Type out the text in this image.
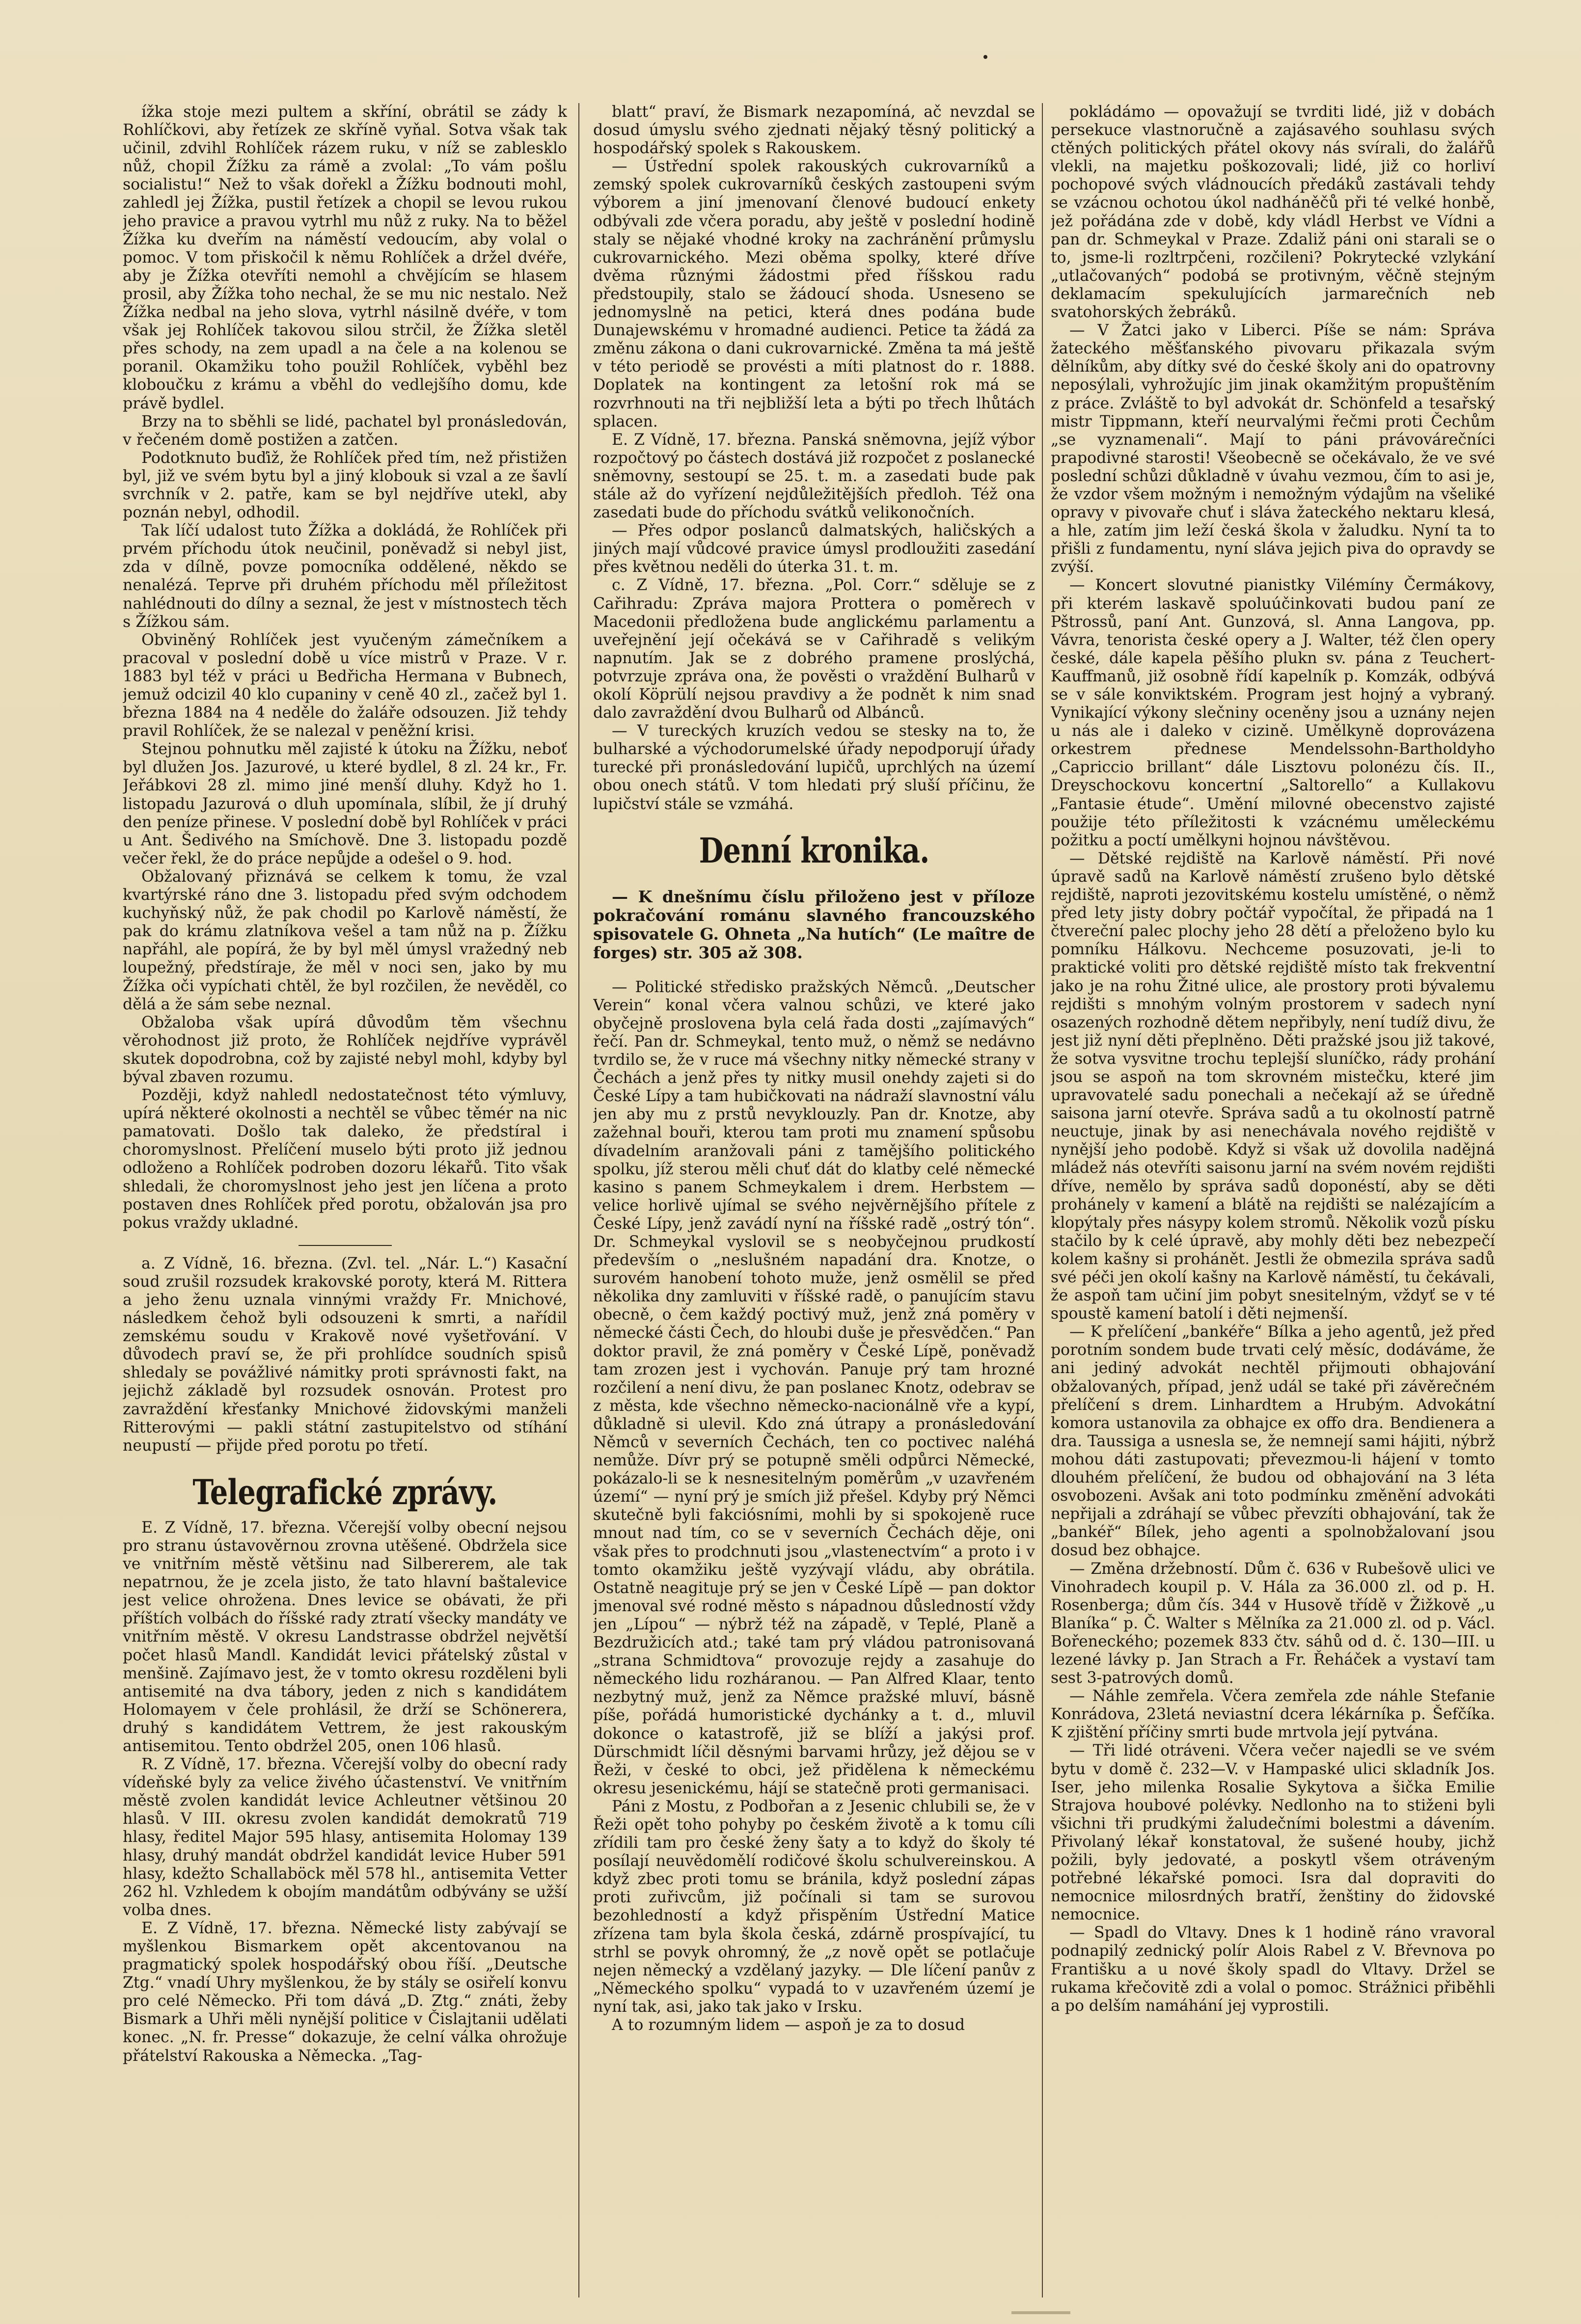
ížka stoje mezi pultem a skříní, obrátil se zády k Rohlíčkovi, aby řetízek ze skříně vyňal. Sotva však tak učinil, zdvihl Rohlíček rázem ruku, v níž se zablesklo nůž, chopil Žížku za rámě a zvolal: „To vám pošlu socialistu!“ Než to však dořekl a Žížku bodnouti mohl, zahledl jej Žížka, pustil řetízek a chopil se levou rukou jeho pravice a pravou vytrhl mu nůž z ruky. Na to běžel Žížka ku dveřím na náměstí vedoucím, aby volal o pomoc. V tom přiskočil k němu Rohlíček a držel dvéře, aby je Žížka otevříti nemohl a chvějícím se hlasem prosil, aby Žížka toho nechal, že se mu nic nestalo. Než Žížka nedbal na jeho slova, vytrhl násilně dvéře, v tom však jej Rohlíček takovou silou strčil, že Žížka sletěl přes schody, na zem upadl a na čele a na kolenou se poranil. Okamžiku toho použil Rohlíček, vyběhl bez kloboučku z krámu a vběhl do vedlejšího domu, kde právě bydlel.

Brzy na to sběhli se lidé, pachatel byl pronásledován, v řečeném domě postižen a zatčen.

Podotknuto buďiž, že Rohlíček před tím, než přistižen byl, již ve svém bytu byl a jiný klobouk si vzal a ze šavlí svrchník v 2. patře, kam se byl nejdříve utekl, aby poznán nebyl, odhodil.

Tak líčí udalost tuto Žížka a dokládá, že Rohlíček při prvém příchodu útok neučinil, poněvadž si nebyl jist, zda v dílně, povze pomocníka oddělené, někdo se nenalézá. Teprve při druhém příchodu měl příležitost nahlédnouti do dílny a seznal, že jest v místnostech těch s Žížkou sám.

Obviněný Rohlíček jest vyučeným zámečníkem a pracoval v poslední době u více mistrů v Praze. V r. 1883 byl též v práci u Bedřicha Hermana v Bubnech, jemuž odcizil 40 klo cupaniny v ceně 40 zl., začež byl 1. března 1884 na 4 neděle do žaláře odsouzen. Již tehdy pravil Rohlíček, že se nalezal v peněžní krisi.

Stejnou pohnutku měl zajisté k útoku na Žížku, neboť byl dlužen Jos. Jazurové, u které bydlel, 8 zl. 24 kr., Fr. Jeřábkovi 28 zl. mimo jiné menší dluhy. Když ho 1. listopadu Jazurová o dluh upomínala, slíbil, že jí druhý den peníze přinese. V poslední době byl Rohlíček v práci u Ant. Šedivého na Smíchově. Dne 3. listopadu pozdě večer řekl, že do práce nepůjde a odešel o 9. hod.

Obžalovaný přiznává se celkem k tomu, že vzal kvartýrské ráno dne 3. listopadu před svým odchodem kuchyňský nůž, že pak chodil po Karlově náměstí, že pak do krámu zlatníkova vešel a tam nůž na p. Žížku napřáhl, ale popírá, že by byl měl úmysl vražedný neb loupežný, předstíraje, že měl v noci sen, jako by mu Žížka oči vypíchati chtěl, že byl rozčilen, že nevěděl, co dělá a že sám sebe neznal.

Obžaloba však upírá důvodům těm všechnu věrohodnost již proto, že Rohlíček nejdříve vyprávěl skutek dopodrobna, což by zajisté nebyl mohl, kdyby byl býval zbaven rozumu.

Později, když nahledl nedostatečnost této výmluvy, upírá některé okolnosti a nechtěl se vůbec těmér na nic pamatovati. Došlo tak daleko, že předstíral i choromyslnost. Přelíčení muselo býti proto již jednou odloženo a Rohlíček podroben dozoru lékařů. Tito však shledali, že choromyslnost jeho jest jen líčena a proto postaven dnes Rohlíček před porotu, obžalován jsa pro pokus vraždy ukladné.

a. Z Vídně, 16. března. (Zvl. tel. „Nár. L.“) Kasační soud zrušil rozsudek krakovské poroty, která M. Rittera a jeho ženu uznala vinnými vraždy Fr. Mnichové, následkem čehož byli odsouzeni k smrti, a nařídil zemskému soudu v Krakově nové vyšetřování. V důvodech praví se, že při prohlídce soudních spisů shledaly se povážlivé námitky proti správnosti fakt, na jejichž základě byl rozsudek osnován. Protest pro zavraždění křesťanky Mnichové židovskými manželi Ritterovými — pakli státní zastupitelstvo od stíhání neupustí — přijde před porotu po třetí.

Telegrafické zprávy.

E. Z Vídně, 17. března. Včerejší volby obecní nejsou pro stranu ústavověrnou zrovna utěšené. Obdržela sice ve vnitřním městě většinu nad Silbererem, ale tak nepatrnou, že je zcela jisto, že tato hlavní baštalevice jest velice ohrožena. Dnes levice se obávati, že při příštích volbách do říšské rady ztratí všecky mandáty ve vnitřním městě. V okresu Landstrasse obdržel největší počet hlasů Mandl. Kandidát levici přátelský zůstal v menšině. Zajímavo jest, že v tomto okresu rozděleni byli antisemité na dva tábory, jeden z nich s kandidátem Holomayem v čele prohlásil, že drží se Schönerera, druhý s kandidátem Vettrem, že jest rakouským antisemitou. Tento obdržel 205, onen 106 hlasů.

R. Z Vídně, 17. března. Včerejší volby do obecní rady vídeňské byly za velice živého účastenství. Ve vnitřním městě zvolen kandidát levice Achleutner většinou 20 hlasů. V III. okresu zvolen kandidát demokratů 719 hlasy, ředitel Major 595 hlasy, antisemita Holomay 139 hlasy, druhý mandát obdržel kandidát levice Huber 591 hlasy, kdežto Schallaböck měl 578 hl., antisemita Vetter 262 hl. Vzhledem k obojím mandátům odbývány se užší volba dnes.

E. Z Vídně, 17. března. Německé listy zabývají se myšlenkou Bismarkem opět akcentovanou na pragmatický spolek hospodářský obou říší. „Deutsche Ztg.“ vnadí Uhry myšlenkou, že by stály se osiřelí konvu pro celé Německo. Při tom dává „D. Ztg.“ znáti, žeby Bismark a Uhři měli nynější politice v Čislajtanii udělati konec. „N. fr. Presse“ dokazuje, že celní válka ohrožuje přátelství Rakouska a Německa. „Tag-

blatt“ praví, že Bismark nezapomíná, ač nevzdal se dosud úmyslu svého zjednati nějaký těsný politický a hospodářský spolek s Rakouskem.

— Ústřední spolek rakouských cukrovarníků a zemský spolek cukrovarníků českých zastoupeni svým výborem a jiní jmenovaní členové budoucí enkety odbývali zde včera poradu, aby ještě v poslední hodině staly se nějaké vhodné kroky na zachránění průmyslu cukrovarnického. Mezi oběma spolky, které dříve dvěma různými žádostmi před říšskou radu předstoupily, stalo se žádoucí shoda. Usneseno se jednomyslně na petici, která dnes podána bude Dunajewskému v hromadné audienci. Petice ta žádá za změnu zákona o dani cukrovarnické. Změna ta má ještě v této periodě se provésti a míti platnost do r. 1888. Doplatek na kontingent za letošní rok má se rozvrhnouti na tři nejbližší leta a býti po třech lhůtách splacen.

E. Z Vídně, 17. března. Panská sněmovna, jejíž výbor rozpočtový po částech dostává již rozpočet z poslanecké sněmovny, sestoupí se 25. t. m. a zasedati bude pak stále až do vyřízení nejdůležitějších předloh. Též ona zasedati bude do příchodu svátků velikonočních.

— Přes odpor poslanců dalmatských, haličských a jiných mají vůdcové pravice úmysl prodloužiti zasedání přes květnou neděli do úterka 31. t. m.

c. Z Vídně, 17. března. „Pol. Corr.“ sděluje se z Cařihradu: Zpráva majora Prottera o poměrech v Macedonii předložena bude anglickému parlamentu a uveřejnění její očekává se v Cařihradě s velikým napnutím. Jak se z dobrého pramene proslýchá, potvrzuje zpráva ona, že pověsti o vraždění Bulharů v okolí Köprülí nejsou pravdivy a že podnět k nim snad dalo zavraždění dvou Bulharů od Albánců.

— V tureckých kruzích vedou se stesky na to, že bulharské a východorumelské úřady nepodporují úřady turecké při pronásledování lupičů, uprchlých na území obou onech států. V tom hledati prý sluší příčinu, že lupičství stále se vzmáhá.

Denní kronika.

— K dnešnímu číslu přiloženo jest v příloze pokračování románu slavného francouzského spisovatele G. Ohneta „Na hutích“ (Le maître de forges) str. 305 až 308.

— Politické středisko pražských Němců. „Deutscher Verein“ konal včera valnou schůzi, ve které jako obyčejně proslovena byla celá řada dosti „zajímavých“ řečí. Pan dr. Schmeykal, tento muž, o němž se nedávno tvrdilo se, že v ruce má všechny nitky německé strany v Čechách a jenž přes ty nitky musil onehdy zajeti si do České Lípy a tam hubičkovati na nádraží slavnostní válu jen aby mu z prstů nevyklouzly. Pan dr. Knotze, aby zažehnal bouři, kterou tam proti mu znamení spůsobu dívadelním aranžovali páni z tamějšího politického spolku, jíž sterou měli chuť dát do klatby celé německé kasino s panem Schmeykalem i drem. Herbstem — velice horlivě ujímal se svého nejvěrnějšího přítele z České Lípy, jenž zavádí nyní na říšské radě „ostrý tón“. Dr. Schmeykal vyslovil se s neobyčejnou prudkostí především o „neslušném napadání dra. Knotze, o surovém hanobení tohoto muže, jenž osmělil se před několika dny zamluviti v říšské radě, o panujícím stavu obecně, o čem každý poctivý muž, jenž zná poměry v německé části Čech, do hloubi duše je přesvědčen.“ Pan doktor pravil, že zná poměry v České Lípě, poněvadž tam zrozen jest i vychován. Panuje prý tam hrozné rozčilení a není divu, že pan poslanec Knotz, odebrav se z města, kde všechno německo-nacionálně vře a kypí, důkladně si ulevil. Kdo zná útrapy a pronásledování Němců v severních Čechách, ten co poctivec naléhá nemůže. Dívr prý se potupně směli odpůrci Německé, pokázalo-li se k nesnesitelným poměrům „v uzavřeném území“ — nyní prý je smích již přešel. Kdyby prý Němci skutečně byli fakciósními, mohli by si spokojeně ruce mnout nad tím, co se v severních Čechách děje, oni však přes to prodchnuti jsou „vlastenectvím“ a proto i v tomto okamžiku ještě vyzývají vládu, aby obrátila. Ostatně neagituje prý se jen v České Lípě — pan doktor jmenoval své rodné město s nápadnou důsledností vždy jen „Lípou“ — nýbrž též na západě, v Teplé, Planě a Bezdružicích atd.; také tam prý vládou patronisovaná „strana Schmidtova“ provozuje rejdy a zasahuje do německého lidu rozháranou. — Pan Alfred Klaar, tento nezbytný muž, jenž za Němce pražské mluví, básně píše, pořádá humoristické dychánky a t. d., mluvil dokonce o katastrofě, již se blíží a jakýsi prof. Dürschmidt líčil děsnými barvami hrůzy, jež dějou se v Řeži, v české to obci, jež přidělena k německému okresu jesenickému, hájí se statečně proti germanisaci.

Páni z Mostu, z Podbořan a z Jesenic chlubili se, že v Řeži opět toho pohyby po českém životě a k tomu cíli zřídili tam pro české ženy šaty a to když do školy té posílají neuvědomělí rodičové školu schulvereinskou. A když zbec proti tomu se bránila, když poslední zápas proti zuřivcům, již počínali si tam se surovou bezohledností a když přispěním Ústřední Matice zřízena tam byla škola česká, zdárně prospívající, tu strhl se povyk ohromný, že „z nově opět se potlačuje nejen německý a vzdělaný jazyky. — Dle líčení panův z „Německého spolku“ vypadá to v uzavřeném území je nyní tak, asi, jako tak jako v Irsku.

A to rozumným lidem — aspoň je za to dosud

pokládámo — opovažují se tvrditi lidé, již v dobách persekuce vlastnoručně a zajásavého souhlasu svých ctěných politických přátel okovy nás svírali, do žalářů vlekli, na majetku poškozovali; lidé, již co horliví pochopové svých vládnoucích předáků zastávali tehdy se vzácnou ochotou úkol nadháněčů při té velké honbě, jež pořádána zde v době, kdy vládl Herbst ve Vídni a pan dr. Schmeykal v Praze. Zdaliž páni oni starali se o to, jsme-li rozltrpčeni, rozčileni? Pokrytecké vzlykání „utlačovaných“ podobá se protivným, věčně stejným deklamacím spekulujících jarmarečních neb svatohorských žebráků.

— V Žatci jako v Liberci. Píše se nám: Správa žateckého měšťanského pivovaru přikazala svým dělníkům, aby dítky své do české školy ani do opatrovny neposýlali, vyhrožujíc jim jinak okamžitým propuštěním z práce. Zvláště to byl advokát dr. Schönfeld a tesařský mistr Tippmann, kteří neurvalými řečmi proti Čechům „se vyznamenali“. Mají to páni právovárečníci prapodivné starosti! Všeobecně se očekávalo, že ve své poslední schůzi důkladně v úvahu vezmou, čím to asi je, že vzdor všem možným i nemožným výdajům na všeliké opravy v pivovaře chuť i sláva žateckého nektaru klesá, a hle, zatím jim leží česká škola v žaludku. Nyní ta to přišli z fundamentu, nyní sláva jejich piva do opravdy se zvýší.

— Koncert slovutné pianistky Vilémíny Čermákovy, při kterém laskavě spoluúčinkovati budou paní ze Pštrossů, paní Ant. Gunzová, sl. Anna Langova, pp. Vávra, tenorista české opery a J. Walter, též člen opery české, dále kapela pěšího plukn sv. pána z Teuchert-Kauffmanů, již osobně řídí kapelník p. Komzák, odbývá se v sále konviktském. Program jest hojný a vybraný. Vynikající výkony slečniny oceněny jsou a uznány nejen u nás ale i daleko v cizině. Umělkyně doprovázena orkestrem přednese Mendelssohn-Bartholdyho „Capriccio brillant“ dále Lisztovu polonézu čís. II., Dreyschockovu koncertní „Saltorello“ a Kullakovu „Fantasie étude“. Umění milovné obecenstvo zajisté použije této příležitosti k vzácnému uměleckému požitku a poctí umělkyni hojnou návštěvou.

— Dětské rejdiště na Karlově náměstí. Při nové úpravě sadů na Karlově náměstí zrušeno bylo dětské rejdiště, naproti jezovitskému kostelu umístěné, o němž před lety jisty dobry počtář vypočítal, že připadá na 1 čtvereční palec plochy jeho 28 dětí a přeloženo bylo ku pomníku Hálkovu. Nechceme posuzovati, je-li to praktické voliti pro dětské rejdiště místo tak frekventní jako je na rohu Žitné ulice, ale prostory proti bývalemu rejdišti s mnohým volným prostorem v sadech nyní osazených rozhodně dětem nepřibyly, není tudíž divu, že jest již nyní děti přeplněno. Děti pražské jsou již takové, že sotva vysvitne trochu teplejší sluníčko, rády prohání jsou se aspoň na tom skrovném mistečku, které jim upravovatelé sadu ponechali a nečekají až se úředně saisona jarní otevře. Správa sadů a tu okolností patrně neuctuje, jinak by asi nenechávala nového rejdiště v nynější jeho podobě. Když si však už dovolila nadějná mládež nás otevříti saisonu jarní na svém novém rejdišti dříve, nemělo by správa sadů doponéstí, aby se děti prohánely v kamení a blátě na rejdišti se nalézajícím a klopýtaly přes násypy kolem stromů. Několik vozů písku stačilo by k celé úpravě, aby mohly děti bez nebezpečí kolem kašny si prohánět. Jestli že obmezila správa sadů své péči jen okolí kašny na Karlově náměstí, tu čekávali, že aspoň tam učiní jim pobyt snesitelným, vždyť se v té spoustě kamení batolí i děti nejmenší.

— K přelíčení „bankéře“ Bílka a jeho agentů, jež před porotním sondem bude trvati celý měsíc, dodáváme, že ani jediný advokát nechtěl přijmouti obhajování obžalovaných, případ, jenž udál se také při závěrečném přelíčení s drem. Linhardtem a Hrubým. Advokátní komora ustanovila za obhajce ex offo dra. Bendienera a dra. Taussiga a usnesla se, že nemnejí sami hájiti, nýbrž mohou dáti zastupovati; převezmou-li hájení v tomto dlouhém přelíčení, že budou od obhajování na 3 léta osvobozeni. Avšak ani toto podmínku změnění advokáti nepřijali a zdráhají se vůbec převzíti obhajování, tak že „bankéř“ Bílek, jeho agenti a spolnobžalovaní jsou dosud bez obhajce.

— Změna držebností. Dům č. 636 v Rubešově ulici ve Vinohradech koupil p. V. Hála za 36.000 zl. od p. H. Rosenberga; dům čís. 344 v Husově třídě v Žižkově „u Blaníka“ p. Č. Walter s Mělníka za 21.000 zl. od p. Václ. Bořeneckého; pozemek 833 čtv. sáhů od d. č. 130—III. u lezené lávky p. Jan Strach a Fr. Řeháček a vystaví tam sest 3-patrových domů.

— Náhle zemřela. Včera zemřela zde náhle Stefanie Konrádova, 23letá neviastní dcera lékárníka p. Šefčíka. K zjištění příčiny smrti bude mrtvola její pytvána.

— Tři lidé otráveni. Včera večer najedli se ve svém bytu v domě č. 232—V. v Hampaské ulici skladník Jos. Iser, jeho milenka Rosalie Sykytova a šička Emilie Strajova houbové polévky. Nedlonho na to stiženi byli všichni tři prudkými žaludečními bolestmi a dávením. Přivolaný lékař konstatoval, že sušené houby, jichž požili, byly jedovaté, a poskytl všem otráveným potřebné lékařské pomoci. Isra dal dopraviti do nemocnice milosrdných bratří, ženštiny do židovské nemocnice.

— Spadl do Vltavy. Dnes k 1 hodině ráno vravoral podnapilý zednický polír Alois Rabel z V. Břevnova po Františku a u nové školy spadl do Vltavy. Držel se rukama křečovitě zdi a volal o pomoc. Strážnici přiběhli a po delším namáhání jej vyprostili.
